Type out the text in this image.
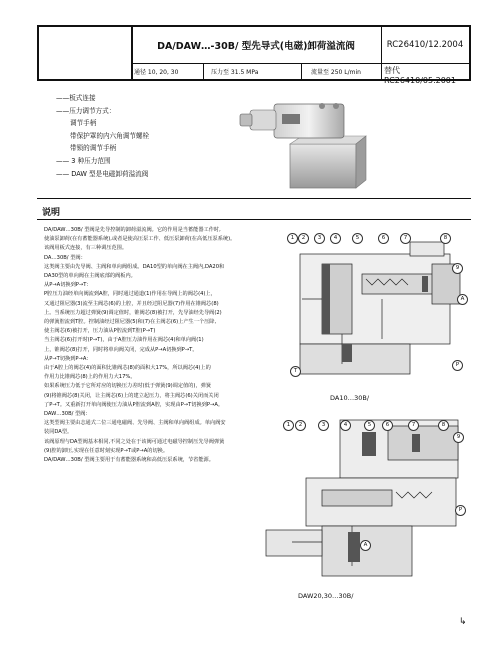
DA/DAW…-30B/ 型先导式(电磁)卸荷溢流阀	RC26410/12.2004
通径 10, 20, 30	压力至 31.5 MPa	流量至 250 L/min	替代 RC26410/05.2001
——板式连接
——压力调节方式：
调节手柄
带保护罩的内六角调节螺栓
带锁的调节手柄
—— 3 种压力范围
—— DAW 型是电磁卸荷溢流阀
说明
DA/DAW…30B/ 型阀是先导控制的卸荷溢流阀。它的作用是当蓄能器工作时,
使油泵卸荷(在有蓄能器系统),或者是使高压泵工作、低压泵卸荷(在高低压泵系统)。
该阀用板式连接，有三种调压范围。
DA…30B/ 型阀：
这类阀主要由先导阀、主阀和单向阀组成。DA10型的单向阀在主阀内,DA20和
DA30型的单向阀在主阀底部的阀板内。
从P→A切换到P→T：
P腔压力油经单向阀流到A腔，同时通过通道(1)作用在导阀上的阀芯(4)上，
又通过阻尼器(3)流至主阀芯(6)的上腔，并且经过阻尼器(7)作用在锥阀芯(8)
上。当系统压力超过弹簧(9)调定值时，锥阀芯(8)被打开，先导油经先导阀(2)
的弹簧腔流到T腔。控制油经过阻尼器(5)和(7)在主阀芯(6)上产生一个压降,
使主阀芯(6)被打开，压力油从P腔流到T腔(P→T)
当主阀芯(6)打开时(P→T)，由于A腔压力油作用在阀芯(4)和单向阀(1)
上，锥阀芯(8)打开，同时将单向阀关闭，完成从P→A切换到P→T。
从P→T切换到P→A：
由于A腔上的阀芯(4)的面积比锥阀芯(8)的面积大17%，所以阀芯(4)上的
作用力比锥阀芯(8)上的作用力大17%。
如果系统压力低于它所对应的切换压力差时(低于弹簧(9)调定值的)，弹簧
(9)将锥阀芯(8)关闭，让主阀芯(6)上的建立起压力，将主阀芯(6)关闭而关闭
了P→T。又重新打开单向阀使压力油从P腔流到A腔，实现由P→T切换到P→A。
DAW…30B/ 型阀：
这类型阀主要由志通式二位三通电磁阀、先导阀、主阀和单向阀组成。单向阀安
装同DA型。
该阀原理与DA型阀基本相同,不同之处在于该阀可通过电磁导控制压先导阀弹簧
(9)腔的卸压,实现在任意时刻实现P→T或P→A的切换。
DA/DAW…30B/ 型阀主要用于有蓄能器系统和高低压泵系统，节省能源。
DA10…30B/
DAW20,30…30B/
1	2	3	4	5	6	7	8
9
A
P
T
1	2	3	4	5	6	7	8
9
A
P
↳
